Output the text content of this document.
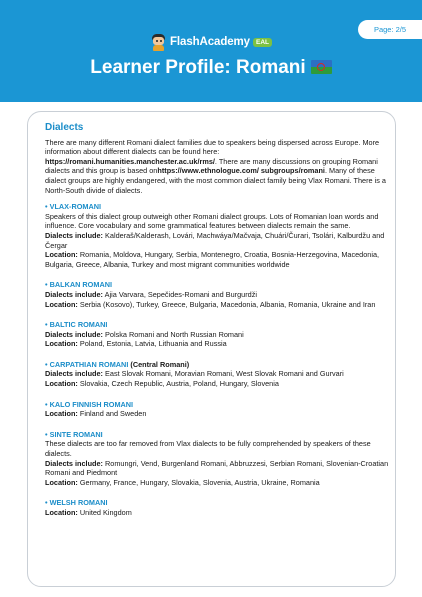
Page: 2/5
FlashAcademy EAL
Learner Profile: Romani
Dialects

There are many different Romani dialect families due to speakers being dispersed across Europe. More information about different dialects can be found here: https://romani.humanities.manchester.ac.uk/rms/. There are many discussions on grouping Romani dialects and this group is based onhttps://www.ethnologue.com/ subgroups/romani. Many of these dialect groups are highly endangered, with the most common dialect family being Vlax Romani. There is a North-South divide of dialects.

• VLAX-ROMANI

Speakers of this dialect group outweigh other Romani dialect groups. Lots of Romanian loan words and influence. Core vocabulary and some grammatical features between dialects remain the same.

Dialects include: Kalderaš/Kalderash, Lovári, Machwáya/Mačvaja, Chuári/Čurari, Tsolári, Kalburdžu and Čergar

Location: Romania, Moldova, Hungary, Serbia, Montenegro, Croatia, Bosnia-Herzegovina, Macedonia, Bulgaria, Greece, Albania, Turkey and most migrant communities worldwide

• BALKAN ROMANI

Dialects include: Ajia Varvara, Sepečides-Romani and Burgurdži

Location: Serbia (Kosovo), Turkey, Greece, Bulgaria, Macedonia, Albania, Romania, Ukraine and Iran

• BALTIC ROMANI

Dialects include: Polska Romani and North Russian Romani

Location: Poland, Estonia, Latvia, Lithuania and Russia

• CARPATHIAN ROMANI (Central Romani)

Dialects include: East Slovak Romani, Moravian Romani, West Slovak Romani and Gurvari

Location: Slovakia, Czech Republic, Austria, Poland, Hungary, Slovenia

• KALO FINNISH ROMANI

Location: Finland and Sweden

• SINTE ROMANI

These dialects are too far removed from Vlax dialects to be fully comprehended by speakers of these dialects.

Dialects include: Romungri, Vend, Burgenland Romani, Abbruzzesi, Serbian Romani, Slovenian-Croatian Romani and Piedmont

Location: Germany, France, Hungary, Slovakia, Slovenia, Austria, Ukraine, Romania

• WELSH ROMANI

Location: United Kingdom
